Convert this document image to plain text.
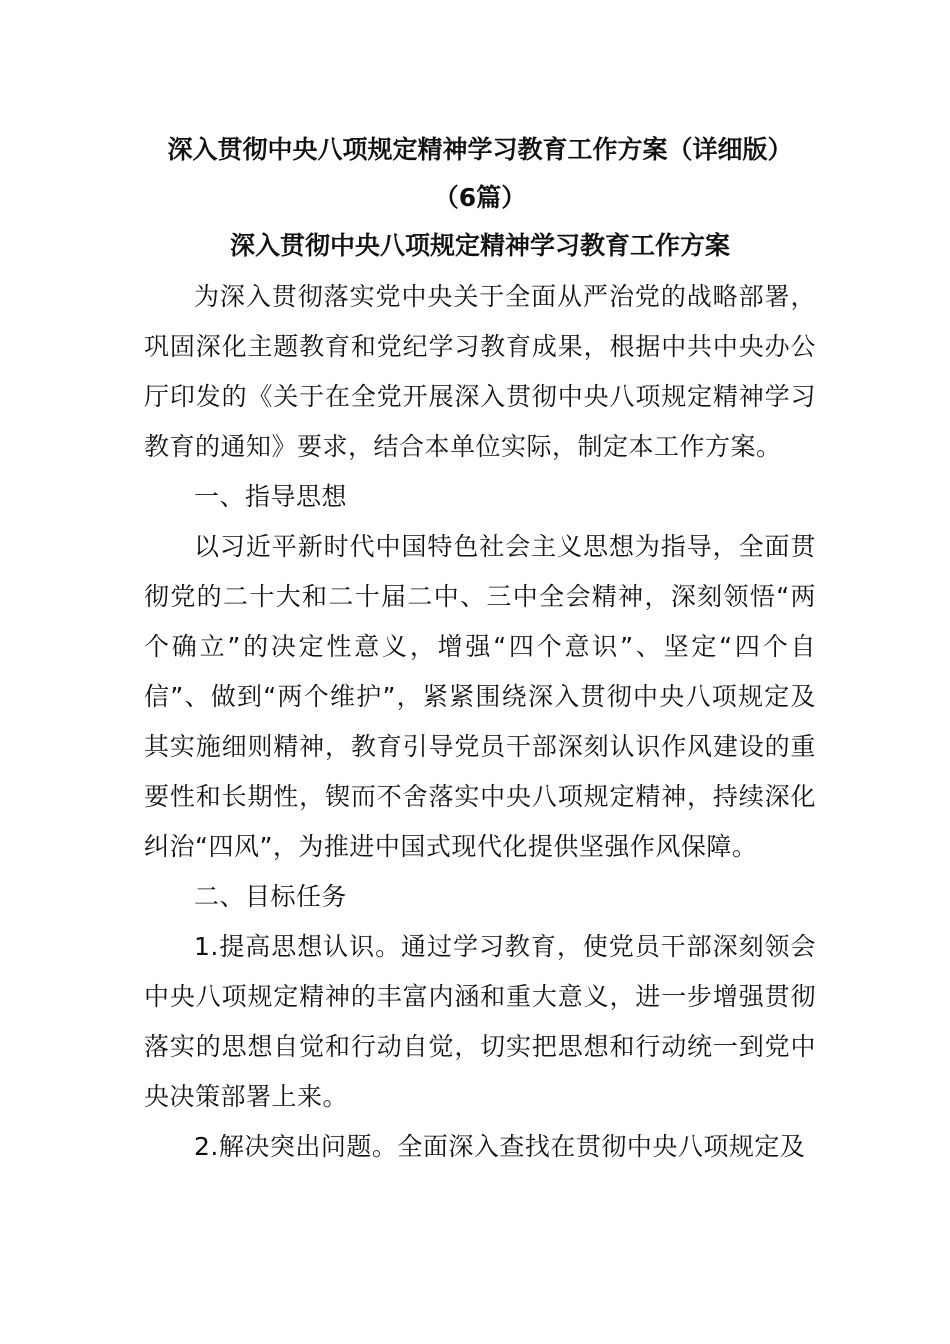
深入贯彻中央八项规定精神学习教育工作方案（详细版）

（6篇）

深入贯彻中央八项规定精神学习教育工作方案

为深入贯彻落实党中央关于全面从严治党的战略部署，巩固深化主题教育和党纪学习教育成果，根据中共中央办公厅印发的《关于在全党开展深入贯彻中央八项规定精神学习教育的通知》要求，结合本单位实际，制定本工作方案。

一、指导思想

以习近平新时代中国特色社会主义思想为指导，全面贯彻党的二十大和二十届二中、三中全会精神，深刻领悟“两个确立”的决定性意义，增强“四个意识”、坚定“四个自信”、做到“两个维护”，紧紧围绕深入贯彻中央八项规定及其实施细则精神，教育引导党员干部深刻认识作风建设的重要性和长期性，锲而不舍落实中央八项规定精神，持续深化纠治“四风”，为推进中国式现代化提供坚强作风保障。

二、目标任务

1.提高思想认识。通过学习教育，使党员干部深刻领会中央八项规定精神的丰富内涵和重大意义，进一步增强贯彻落实的思想自觉和行动自觉，切实把思想和行动统一到党中央决策部署上来。

2.解决突出问题。全面深入查找在贯彻中央八项规定及
